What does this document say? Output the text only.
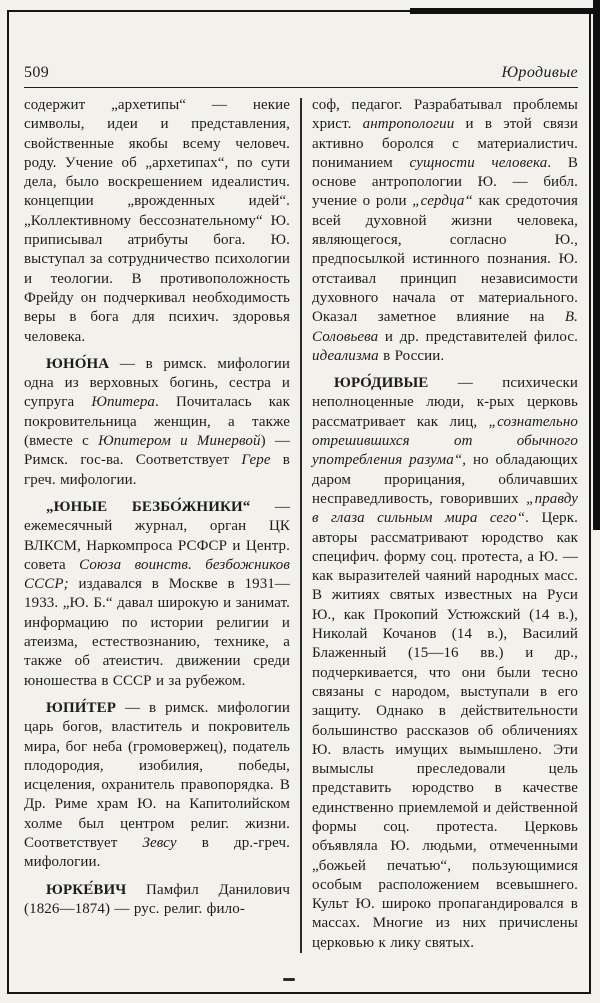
509	Юродивые

содержит „архетипы“ — некие символы, идеи и представления, свойственные якобы всему человеч. роду. Учение об „архетипах“, по сути дела, было воскрешением идеалистич. концепции „врожденных идей“. „Коллективному бессознательному“ Ю. приписывал атрибуты бога. Ю. выступал за сотрудничество психологии и теологии. В противоположность Фрейду он подчеркивал необходимость веры в бога для психич. здоровья человека.

ЮНО́НА — в римск. мифологии одна из верховных богинь, сестра и супруга Юпитера. Почиталась как покровительница женщин, а также (вместе с Юпитером и Минервой) — Римск. гос-ва. Соответствует Гере в греч. мифологии.

„ЮНЫЕ БЕЗБО́ЖНИКИ“ — ежемесячный журнал, орган ЦК ВЛКСМ, Наркомпроса РСФСР и Центр. совета Союза воинств. безбожников СССР; издавался в Москве в 1931—1933. „Ю. Б.“ давал широкую и занимат. информацию по истории религии и атеизма, естествознанию, технике, а также об атеистич. движении среди юношества в СССР и за рубежом.

ЮПИ́ТЕР — в римск. мифологии царь богов, властитель и покровитель мира, бог неба (громовержец), податель плодородия, изобилия, победы, исцеления, охранитель правопорядка. В Др. Риме храм Ю. на Капитолийском холме был центром религ. жизни. Соответствует Зевсу в др.-греч. мифологии.

ЮРКЕ́ВИЧ Памфил Данилович (1826—1874) — рус. религ. фило-

соф, педагог. Разрабатывал проблемы христ. антропологии и в этой связи активно боролся с материалистич. пониманием сущности человека. В основе антропологии Ю. — библ. учение о роли „сердца“ как средоточия всей духовной жизни человека, являющегося, согласно Ю., предпосылкой истинного познания. Ю. отстаивал принцип независимости духовного начала от материального. Оказал заметное влияние на В. Соловьева и др. представителей филос. идеализма в России.

ЮРО́ДИВЫЕ — психически неполноценные люди, к-рых церковь рассматривает как лиц, „сознательно отрешившихся от обычного употребления разума“, но обладающих даром прорицания, обличавших несправедливость, говоривших „правду в глаза сильным мира сего“. Церк. авторы рассматривают юродство как специфич. форму соц. протеста, а Ю. — как выразителей чаяний народных масс. В житиях святых известных на Руси Ю., как Прокопий Устюжский (14 в.), Николай Кочанов (14 в.), Василий Блаженный (15—16 вв.) и др., подчеркивается, что они были тесно связаны с народом, выступали в его защиту. Однако в действительности большинство рассказов об обличениях Ю. власть имущих вымышлено. Эти вымыслы преследовали цель представить юродство в качестве единственно приемлемой и действенной формы соц. протеста. Церковь объявляла Ю. людьми, отмеченными „божьей печатью“, пользующимися особым расположением всевышнего. Культ Ю. широко пропагандировался в массах. Многие из них причислены церковью к лику святых.
